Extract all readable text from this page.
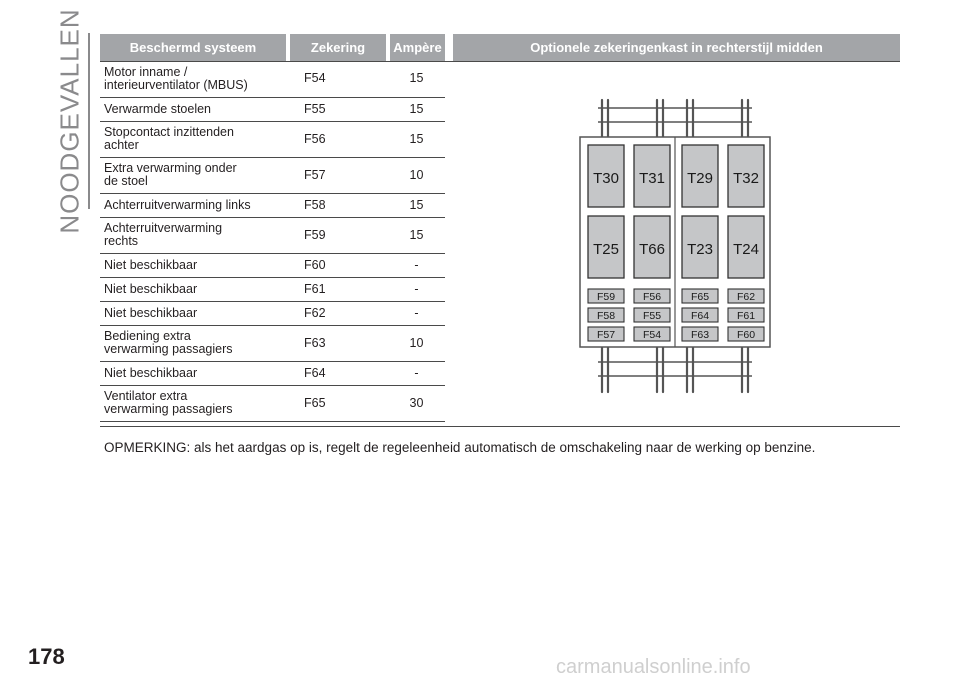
NOODGEVALLEN	Beschermd systeem	Zekering	Ampère

Motor inname /
interieurventilator (MBUS)	F54	15

Verwarmde stoelen	F55	15

Stopcontact inzittenden
achter	F56	15

Extra verwarming onder
de stoel	F57	10

Achterruitverwarming links	F58	15

Achterruitverwarming
rechts	F59	15

Niet beschikbaar	F60	-

Niet beschikbaar	F61	-

Niet beschikbaar	F62	-

Bediening extra
verwarming passagiers	F63	10

Niet beschikbaar	F64	-

Ventilator extra
verwarming passagiers	F65	30
Optionele zekeringenkast in rechterstijl midden
T30 T31 T29 T32
T25 T66 T23 T24
F59	F56	F65	F62
F58	F55	F64	F61
F57	F54	F63	F60
OPMERKING: als het aardgas op is, regelt de regeleenheid automatisch de omschakeling naar de werking op benzine.
178	carmanualsonline.info
